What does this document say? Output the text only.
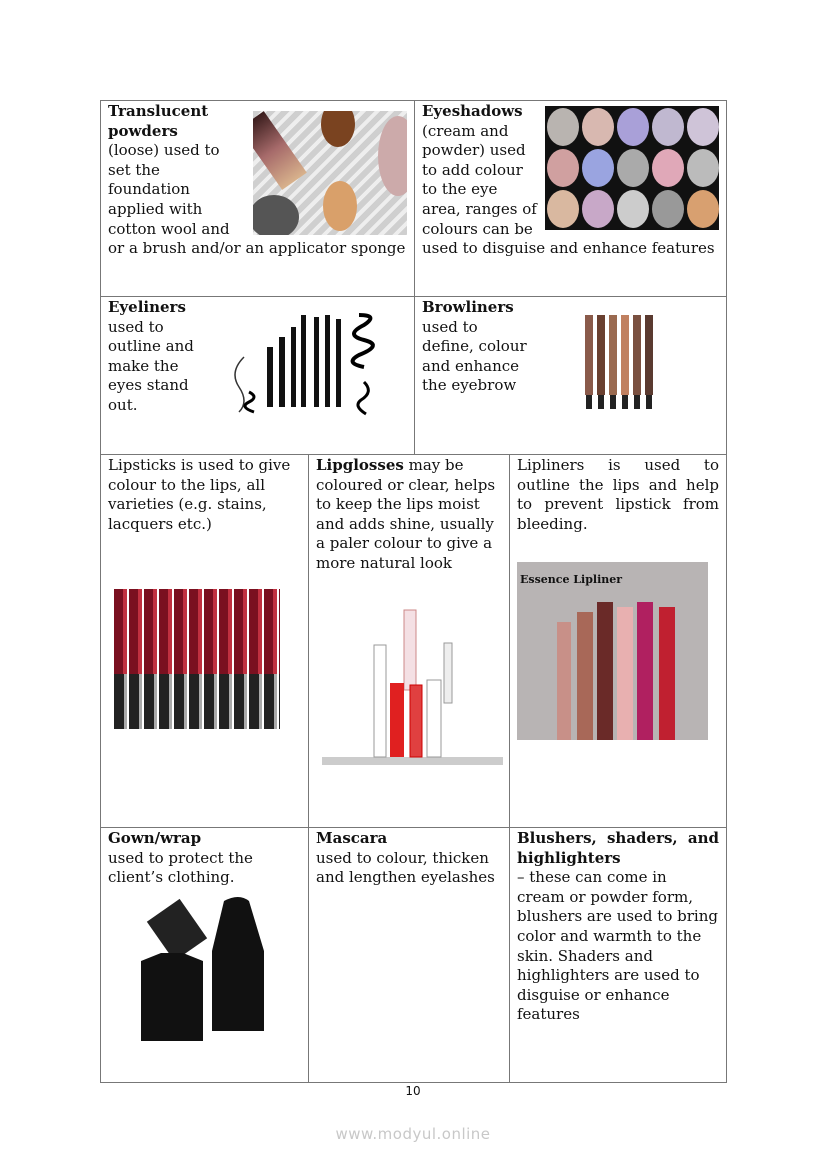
Translucent powders
(loose) used to set the foundation applied with cotton wool and or a brush and/or an applicator sponge
Eyeshadows
(cream and powder) used to add colour to the eye area, ranges of colours can be used to disguise and enhance features
Eyeliners
used to outline and make the eyes stand out.
Browliners
used to define, colour and enhance the eyebrow
Lipsticks is used to give colour to the lips, all varieties (e.g. stains, lacquers etc.)
Lipglosses may be coloured or clear, helps to keep the lips moist and adds shine, usually a paler colour to give a more natural look
Lipliners is used to outline the lips and help to prevent lipstick from bleeding.
Essence Lipliner
Gown/wrap
used to protect the client’s clothing.
Mascara
used to colour, thicken and lengthen eyelashes
Blushers, shaders, and highlighters
– these can come in cream or powder form, blushers are used to bring color and warmth to the skin. Shaders and highlighters are used to disguise or enhance features
10
www.modyul.online
